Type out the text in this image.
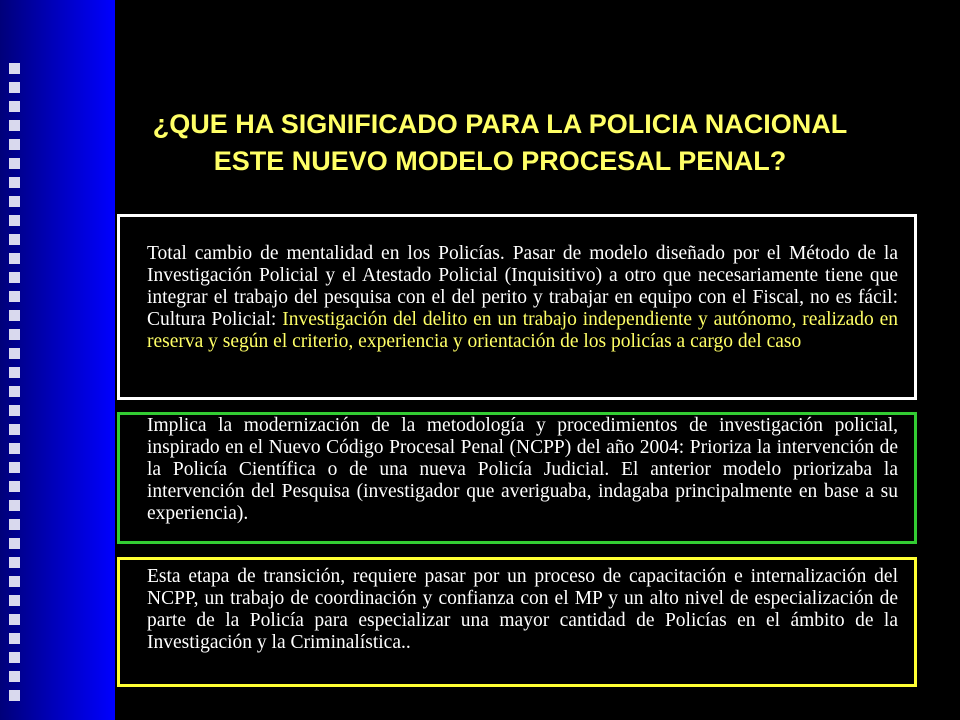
¿QUE HA SIGNIFICADO PARA LA POLICIA NACIONAL ESTE NUEVO MODELO PROCESAL PENAL?
Total cambio de mentalidad en los Policías. Pasar de modelo diseñado por el Método de la Investigación Policial y el Atestado Policial (Inquisitivo) a otro que necesariamente tiene que integrar el trabajo del pesquisa con el del perito y trabajar en equipo con el Fiscal, no es fácil: Cultura Policial: Investigación del delito en un trabajo independiente y autónomo, realizado en reserva y según el criterio, experiencia y orientación de los policías a cargo del caso
Implica la modernización de la metodología y procedimientos de investigación policial, inspirado en el Nuevo Código Procesal Penal (NCPP) del año 2004: Prioriza la intervención de la Policía Científica o de una nueva Policía Judicial. El anterior modelo priorizaba la intervención del Pesquisa (investigador que averiguaba, indagaba principalmente en base a su experiencia).
Esta etapa de transición, requiere pasar por un proceso de capacitación e internalización del NCPP, un trabajo de coordinación y confianza con el MP y un alto nivel de especialización de parte de la Policía para especializar una mayor cantidad de Policías en el ámbito de la Investigación y la Criminalística..
